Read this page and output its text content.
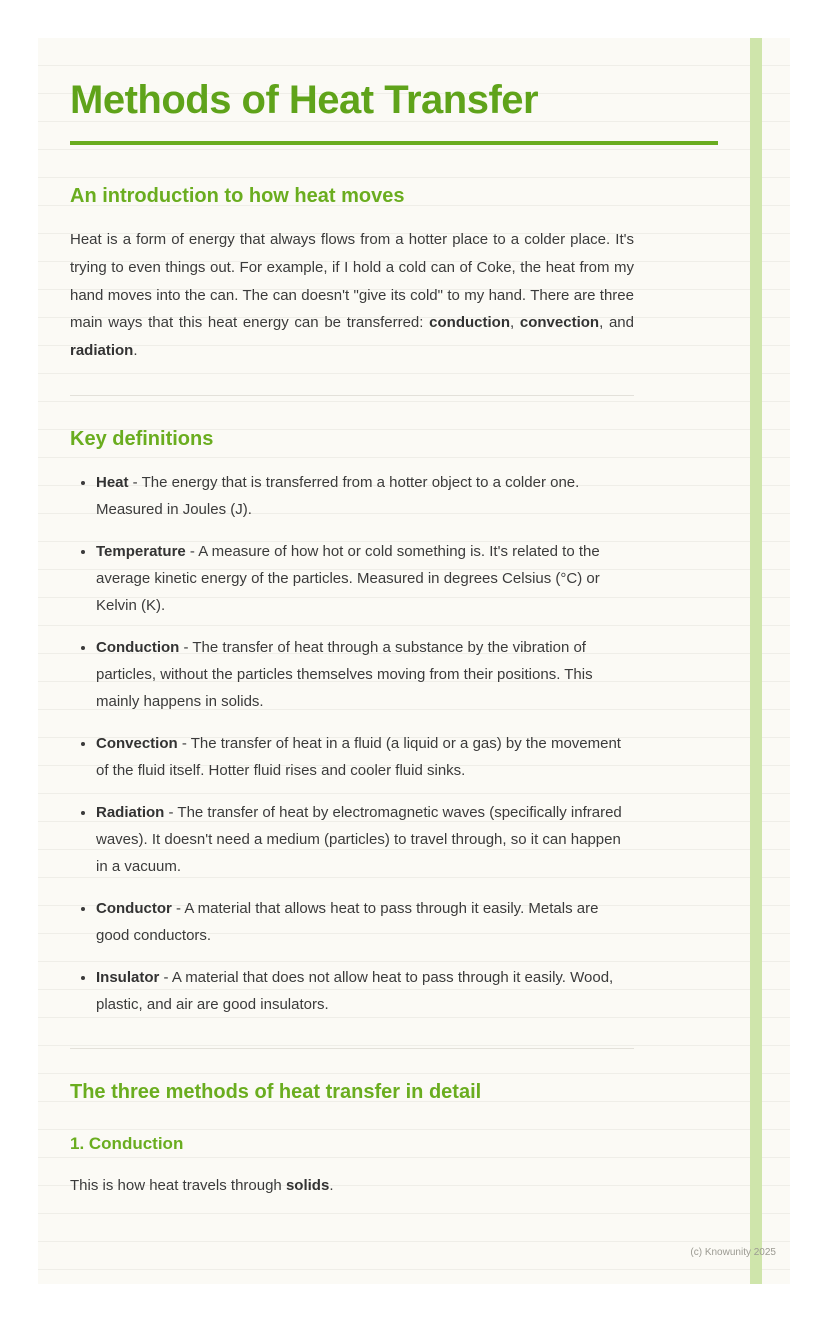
Methods of Heat Transfer
An introduction to how heat moves

Heat is a form of energy that always flows from a hotter place to a colder place. It's trying to even things out. For example, if I hold a cold can of Coke, the heat from my hand moves into the can. The can doesn't "give its cold" to my hand. There are three main ways that this heat energy can be transferred: conduction, convection, and radiation.

Key definitions
• Heat - The energy that is transferred from a hotter object to a colder one. Measured in Joules (J).
• Temperature - A measure of how hot or cold something is. It's related to the average kinetic energy of the particles. Measured in degrees Celsius (°C) or Kelvin (K).
• Conduction - The transfer of heat through a substance by the vibration of particles, without the particles themselves moving from their positions. This mainly happens in solids.
• Convection - The transfer of heat in a fluid (a liquid or a gas) by the movement of the fluid itself. Hotter fluid rises and cooler fluid sinks.
• Radiation - The transfer of heat by electromagnetic waves (specifically infrared waves). It doesn't need a medium (particles) to travel through, so it can happen in a vacuum.
• Conductor - A material that allows heat to pass through it easily. Metals are good conductors.
• Insulator - A material that does not allow heat to pass through it easily. Wood, plastic, and air are good insulators.
The three methods of heat transfer in detail
1. Conduction

This is how heat travels through solids.

(c) Knowunity 2025
